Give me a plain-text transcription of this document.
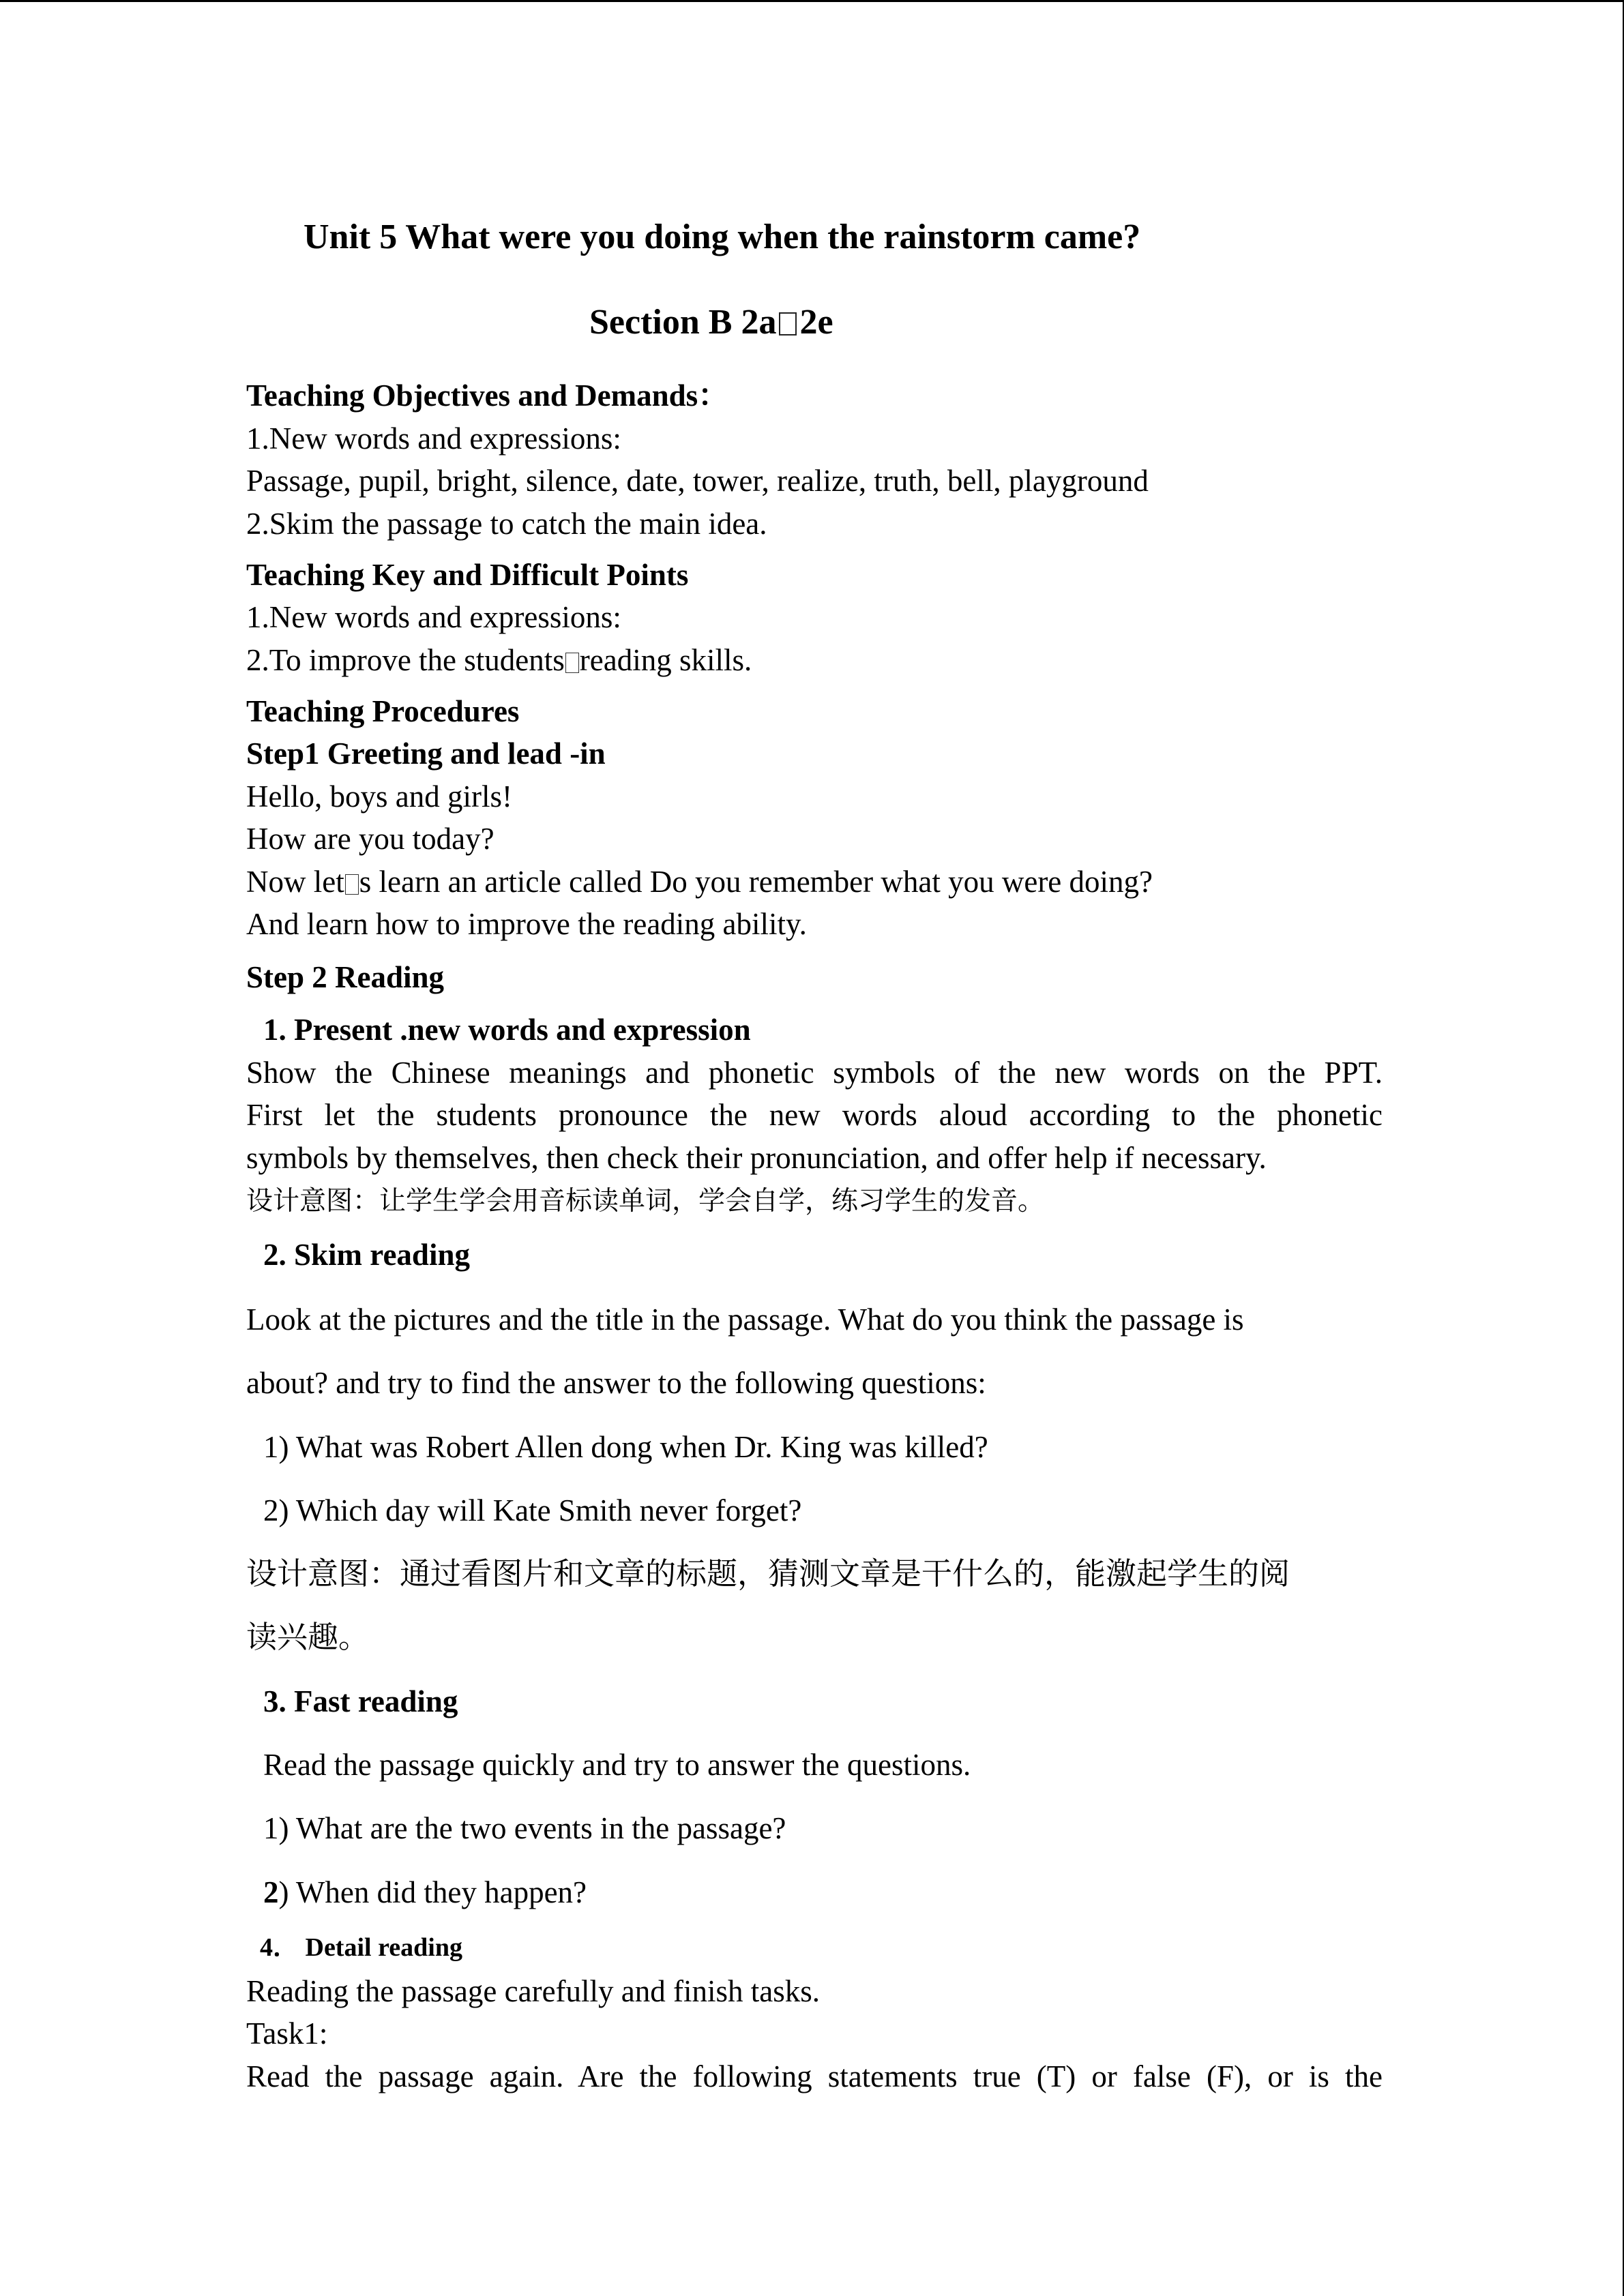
Unit 5 What were you doing when the rainstorm came?
Section B 2a 2e
Teaching Objectives and Demands：
1.New words and expressions:
Passage, pupil, bright, silence, date, tower, realize, truth, bell, playground
2.Skim the passage to catch the main idea.
Teaching Key and Difficult Points
1.New words and expressions:
2.To improve the students reading skills.
Teaching Procedures
Step1 Greeting and lead -in
Hello, boys and girls!
How are you today?
Now let s learn an article called Do you remember what you were doing?
And learn how to improve the reading ability.
Step 2 Reading
1. Present .new words and expression
Show the Chinese meanings and phonetic symbols of the new words on the PPT.
First let the students pronounce the new words aloud according to the phonetic
symbols by themselves, then check their pronunciation, and offer help if necessary.
设计意图：让学生学会用音标读单词，学会自学，练习学生的发音。
2. Skim reading
Look at the pictures and the title in the passage. What do you think the passage is
about? and try to find the answer to the following questions:
1) What was Robert Allen dong when Dr. King was killed?
2) Which day will Kate Smith never forget?
设计意图：通过看图片和文章的标题，猜测文章是干什么的，能激起学生的阅
读兴趣。
3. Fast reading
Read the passage quickly and try to answer the questions.
1) What are the two events in the passage?
2) When did they happen?
4． Detail reading
Reading the passage carefully and finish tasks.
Task1:
Read the passage again. Are the following statements true (T) or false (F), or is the
